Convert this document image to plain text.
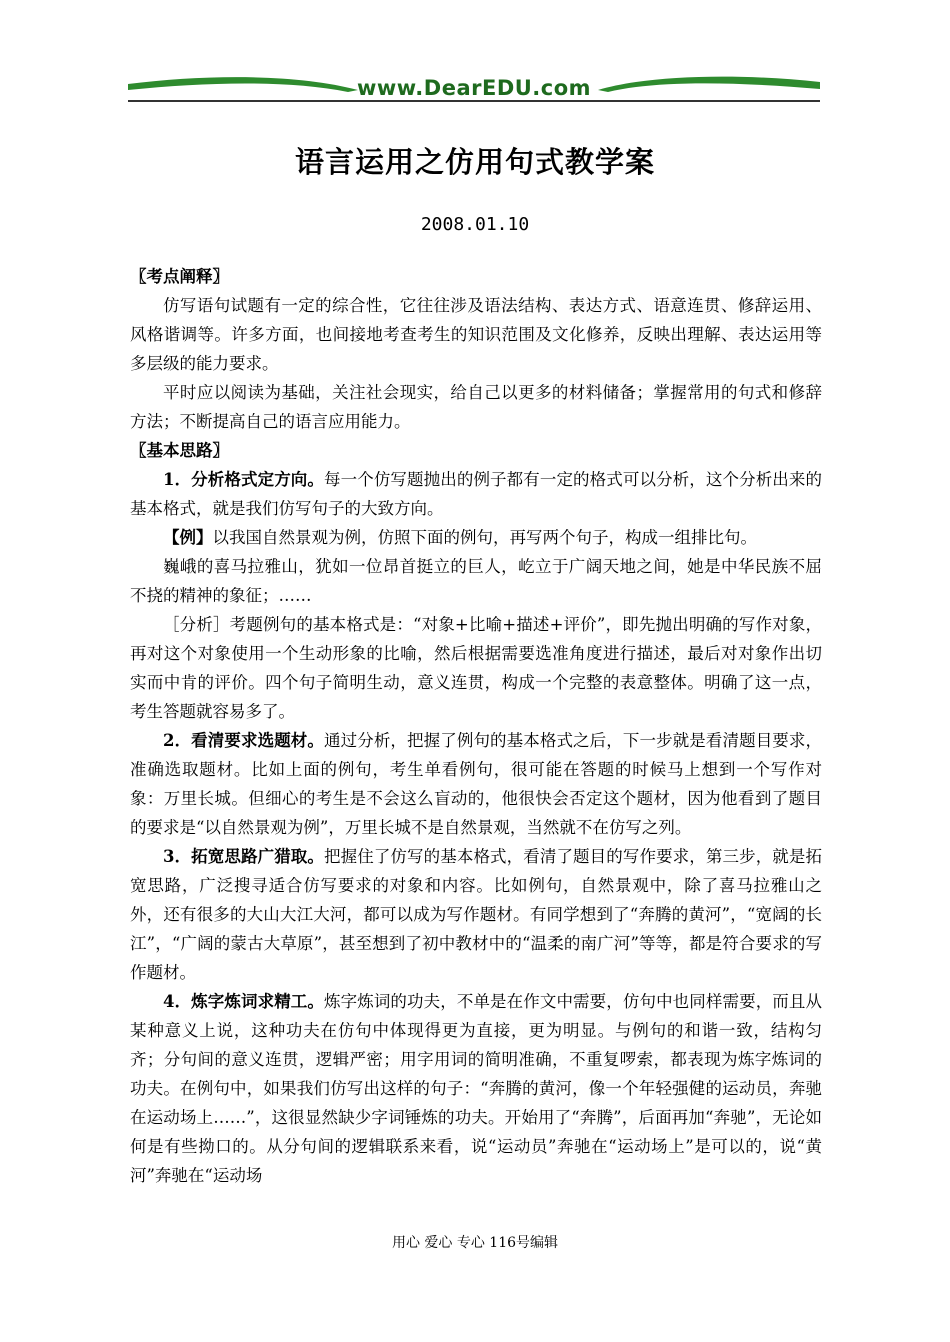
www.DearEDU.com
语言运用之仿用句式教学案
2008.01.10

〖考点阐释〗

仿写语句试题有一定的综合性，它往往涉及语法结构、表达方式、语意连贯、修辞运用、风格谐调等。许多方面，也间接地考查考生的知识范围及文化修养，反映出理解、表达运用等多层级的能力要求。

平时应以阅读为基础，关注社会现实，给自己以更多的材料储备；掌握常用的句式和修辞方法；不断提高自己的语言应用能力。

〖基本思路〗

1．分析格式定方向。每一个仿写题抛出的例子都有一定的格式可以分析，这个分析出来的基本格式，就是我们仿写句子的大致方向。

【例】以我国自然景观为例，仿照下面的例句，再写两个句子，构成一组排比句。

巍峨的喜马拉雅山，犹如一位昂首挺立的巨人，屹立于广阔天地之间，她是中华民族不屈不挠的精神的象征；……

［分析］考题例句的基本格式是：“对象+比喻+描述+评价”，即先抛出明确的写作对象，再对这个对象使用一个生动形象的比喻，然后根据需要选准角度进行描述，最后对对象作出切实而中肯的评价。四个句子简明生动，意义连贯，构成一个完整的表意整体。明确了这一点，考生答题就容易多了。

2．看清要求选题材。通过分析，把握了例句的基本格式之后，下一步就是看清题目要求，准确选取题材。比如上面的例句，考生单看例句，很可能在答题的时候马上想到一个写作对象：万里长城。但细心的考生是不会这么盲动的，他很快会否定这个题材，因为他看到了题目的要求是“以自然景观为例”，万里长城不是自然景观，当然就不在仿写之列。

3．拓宽思路广猎取。把握住了仿写的基本格式，看清了题目的写作要求，第三步，就是拓宽思路，广泛搜寻适合仿写要求的对象和内容。比如例句，自然景观中，除了喜马拉雅山之外，还有很多的大山大江大河，都可以成为写作题材。有同学想到了“奔腾的黄河”，“宽阔的长江”，“广阔的蒙古大草原”，甚至想到了初中教材中的“温柔的南广河”等等，都是符合要求的写作题材。

4．炼字炼词求精工。炼字炼词的功夫，不单是在作文中需要，仿句中也同样需要，而且从某种意义上说，这种功夫在仿句中体现得更为直接，更为明显。与例句的和谐一致，结构匀齐；分句间的意义连贯，逻辑严密；用字用词的简明准确，不重复啰索，都表现为炼字炼词的功夫。在例句中，如果我们仿写出这样的句子：“奔腾的黄河，像一个年轻强健的运动员，奔驰在运动场上……”，这很显然缺少字词锤炼的功夫。开始用了“奔腾”，后面再加“奔驰”，无论如何是有些拗口的。从分句间的逻辑联系来看，说“运动员”奔驰在“运动场上”是可以的，说“黄河”奔驰在“运动场

用心 爱心 专心 116号编辑
